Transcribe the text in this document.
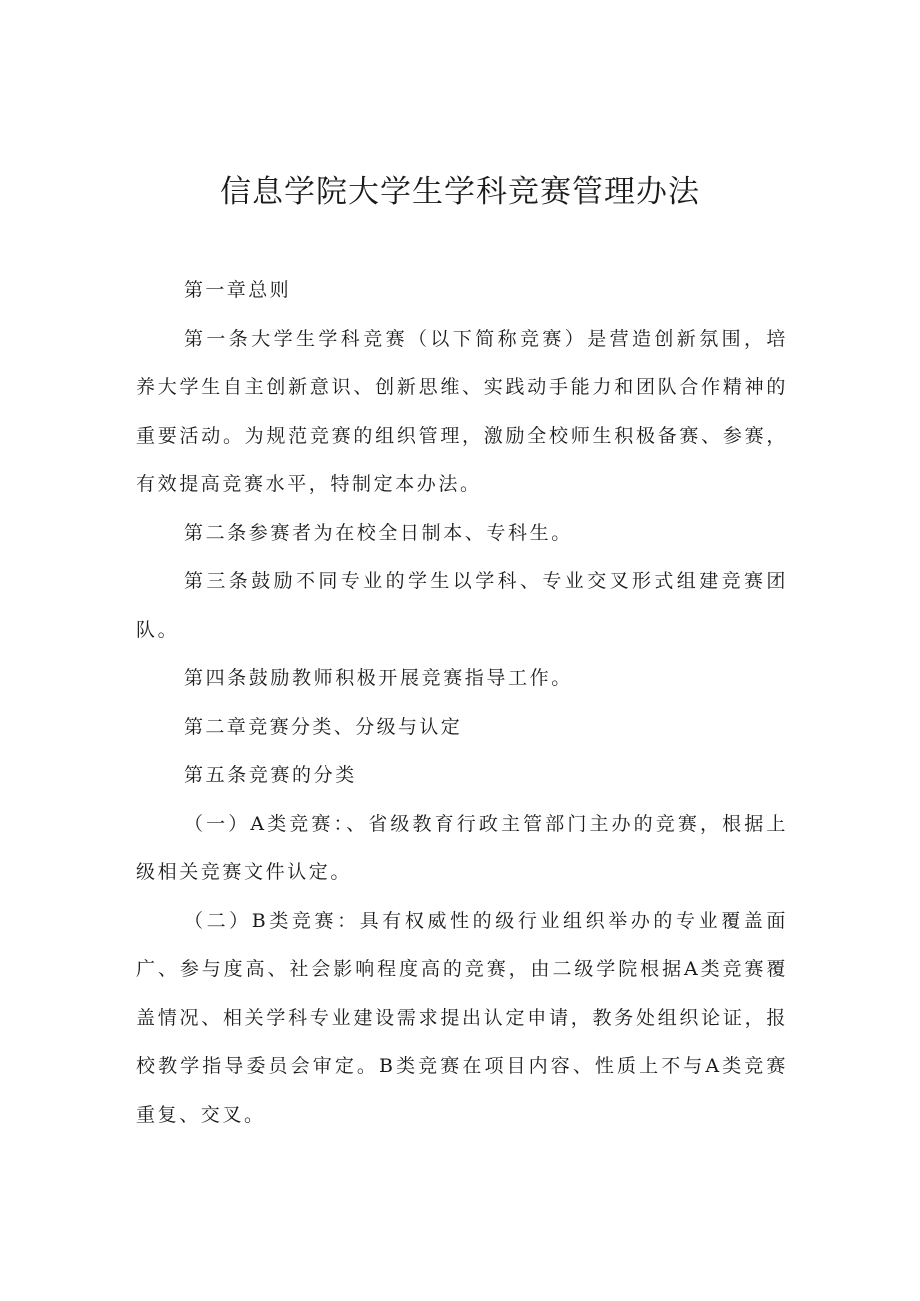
信息学院大学生学科竞赛管理办法

第一章总则

第一条大学生学科竞赛（以下简称竞赛）是营造创新氛围，培养大学生自主创新意识、创新思维、实践动手能力和团队合作精神的重要活动。为规范竞赛的组织管理，激励全校师生积极备赛、参赛，有效提高竞赛水平，特制定本办法。

第二条参赛者为在校全日制本、专科生。

第三条鼓励不同专业的学生以学科、专业交叉形式组建竞赛团队。

第四条鼓励教师积极开展竞赛指导工作。

第二章竞赛分类、分级与认定

第五条竞赛的分类

（一）A类竞赛：、省级教育行政主管部门主办的竞赛，根据上级相关竞赛文件认定。

（二）B类竞赛：具有权威性的级行业组织举办的专业覆盖面广、参与度高、社会影响程度高的竞赛，由二级学院根据A类竞赛覆盖情况、相关学科专业建设需求提出认定申请，教务处组织论证，报校教学指导委员会审定。B类竞赛在项目内容、性质上不与A类竞赛重复、交叉。
